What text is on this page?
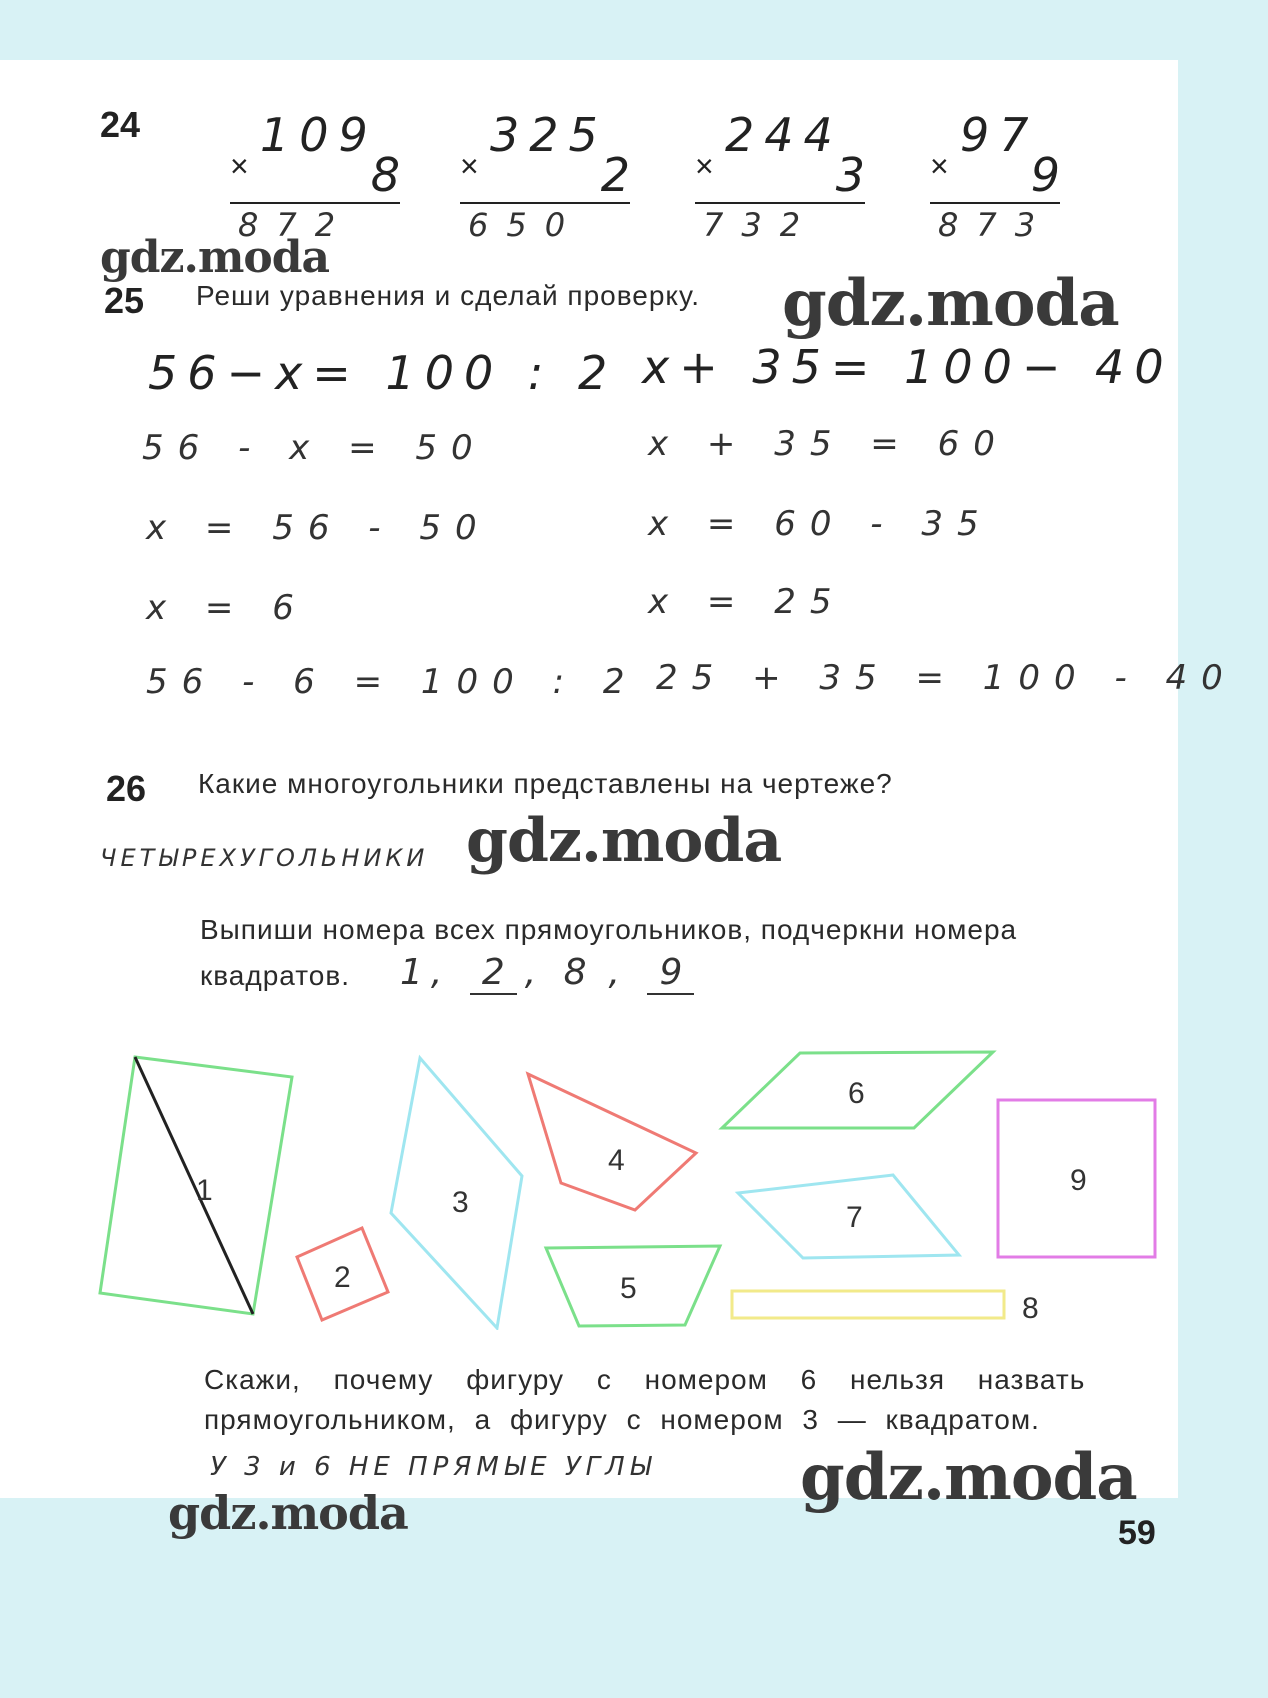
24
×
109
8
872
×
325
2
650
×
244
3
732
×
97
9
873
gdz.moda
25 Реши уравнения и сделай проверку. gdz.moda
56−x= 100 : 2 x+ 35= 100− 40
56 - x = 50
x = 56 - 50
x = 6
56 - 6 = 100 : 2
x + 35 = 60
x = 60 - 35
x = 25
25 + 35 = 100 - 40
26 Какие многоугольники представлены на чертеже?
ЧЕТЫРЕХУГОЛЬНИКИ gdz.moda
Выпиши номера всех прямоугольников, подчеркни номера
квадратов. 1 , 2 , 8 , 9
1
2
3
4
5
6
7
8
9
Скажи, почему фигуру с номером 6 нельзя назвать
прямоугольником, а фигуру с номером 3 — квадратом.
У 3 и 6 НЕ ПРЯМЫЕ УГЛЫ gdz.moda
gdz.moda	59
